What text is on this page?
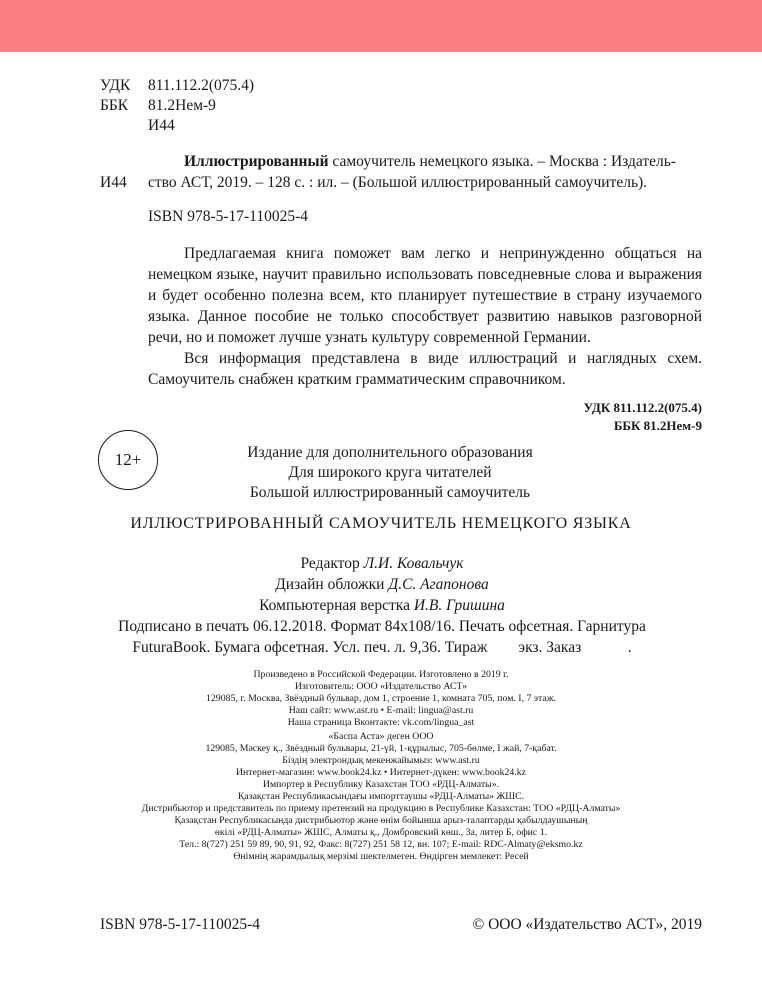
УДК 811.112.2(075.4)
ББК 81.2Нем-9
И44
Иллюстрированный самоучитель немецкого языка. – Москва : Издатель-
И44 ство АСТ, 2019. – 128 с. : ил. – (Большой иллюстрированный самоучитель).
ISBN 978-5-17-110025-4

Предлагаемая книга поможет вам легко и непринужденно общаться на немецком языке, научит правильно использовать повседневные слова и выражения и будет особенно полезна всем, кто планирует путешествие в страну изучаемого языка. Данное пособие не только способствует развитию навыков разговорной речи, но и поможет лучше узнать культуру современной Германии.

Вся информация представлена в виде иллюстраций и наглядных схем. Самоучитель снабжен кратким грамматическим справочником.

УДК 811.112.2(075.4)
ББК 81.2Нем-9
12+	Издание для дополнительного образования
Для широкого круга читателей
Большой иллюстрированный самоучитель
ИЛЛЮСТРИРОВАННЫЙ САМОУЧИТЕЛЬ НЕМЕЦКОГО ЯЗЫКА
Редактор Л.И. Ковальчук
Дизайн обложки Д.С. Агапонова
Компьютерная верстка И.В. Гришина
Подписано в печать 06.12.2018. Формат 84х108/16. Печать офсетная. Гарнитура
FuturaBook. Бумага офсетная. Усл. печ. л. 9,36. Тираж        экз. Заказ            .
Произведено в Российской Федерации. Изготовлено в 2019 г.
Изготовитель: ООО «Издательство АСТ»
129085, г. Москва, Звёздный бульвар, дом 1, строение 1, комната 705, пом. I, 7 этаж.
Наш сайт: www.ast.ru • E-mail: lingua@ast.ru
Наша страница Вконтакте: vk.com/lingua_ast
«Баспа Аста» деген ООО
129085, Мәскеу қ., Звёздный бульвары, 21-үй, 1-құрылыс, 705-бөлме, I жай, 7-қабат.
Біздің электрондық мекенжайымыз: www.ast.ru
Интернет-магазин: www.book24.kz • Интернет-дүкен: www.book24.kz
Импортер в Республику Казахстан ТОО «РДЦ-Алматы».
Қазақстан Республикасындағы импорттаушы «РДЦ-Алматы» ЖШС.
Дистрибьютор и представитель по приему претензий на продукцию в Республике Казахстан: ТОО «РДЦ-Алматы»
Қазақстан Республикасында дистрибьютор және өнім бойынша арыз-талаптарды қабылдаушының
өкілі «РДЦ-Алматы» ЖШС, Алматы қ., Домбровский көш., 3а, литер Б, офис 1.
Тел.: 8(727) 251 59 89, 90, 91, 92, Факс: 8(727) 251 58 12, вн. 107; E-mail: RDC-Almaty@eksmo.kz
Өнімнің жарамдылық мерзімі шектелмеген. Өндірген мемлекет: Ресей
ISBN 978-5-17-110025-4	© ООО «Издательство АСТ», 2019
